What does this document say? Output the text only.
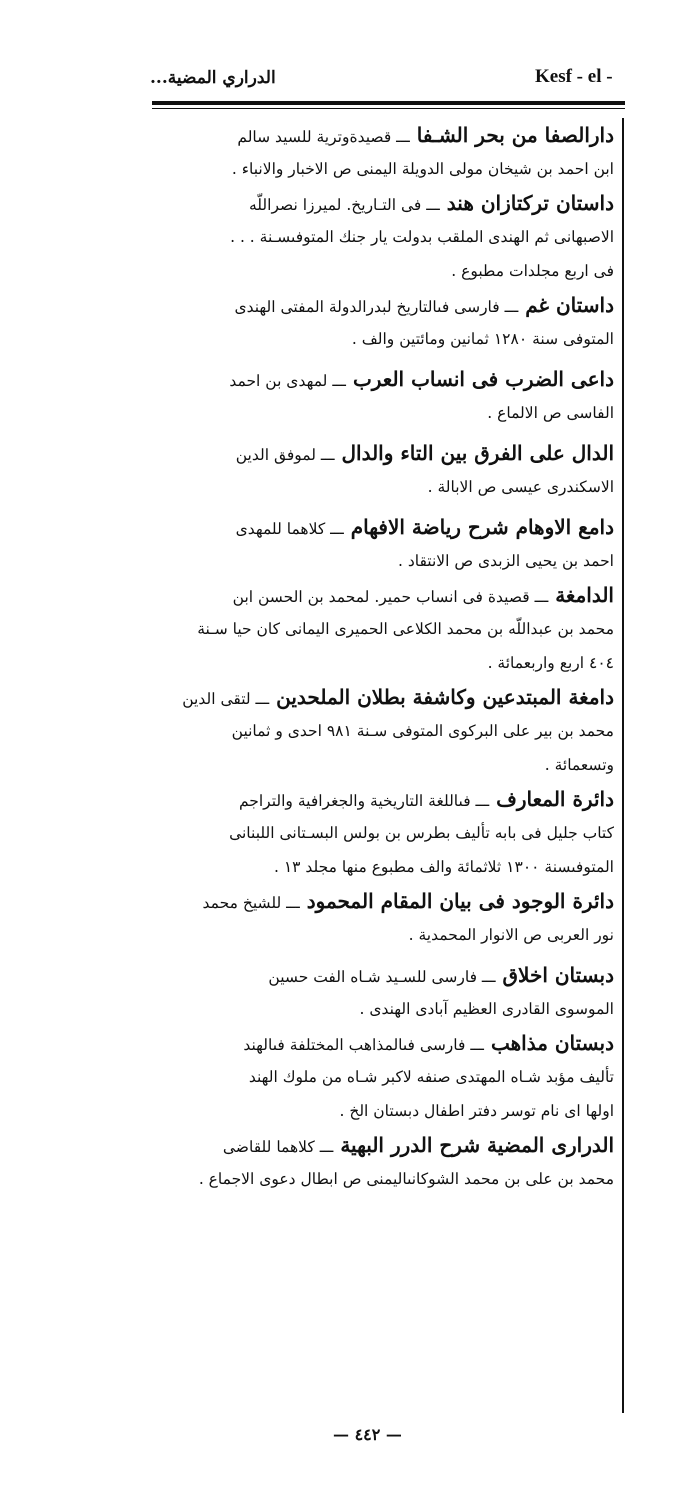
الدراري المضية...	Kesf - el -
دارالصفا من بحر الشـفا ـــ قصيدةوترية للسيد سالم
ابن احمد بن شيخان مولى الدويلة اليمنى ص الاخبار والانباء .
داستان تركتازان هند ـــ فى التـاريخ. لميرزا نصراللّه
الاصبهانى ثم الهندى الملقب بدولت يار جنك المتوفىسـنة . . .
فى اربع مجلدات مطبوع .
داستان غم ـــ فارسى فىالتاريخ لبدرالدولة المفتى الهندى
المتوفى سنة ١٢٨٠ ثمانين ومائتين والف .
داعى الضرب فى انساب العرب ـــ لمهدى بن احمد
الفاسى ص الالماع .
الدال على الفرق بين التاء والدال ـــ لموفق الدين
الاسكندرى عيسى ص الابالة .
دامع الاوهام شرح رياضة الافهام ـــ كلاهما للمهدى
احمد بن يحيى الزبدى ص الانتقاد .
الدامغة ـــ قصيدة فى انساب حمير. لمحمد بن الحسن ابن
محمد بن عبداللّه بن محمد الكلاعى الحميرى اليمانى كان حيا سـنة
٤٠٤ اربع واربعمائة .
دامغة المبتدعين وكاشفة بطلان الملحدين ـــ لتقى الدين
محمد بن بير على البركوى المتوفى سـنة ٩٨١ احدى و ثمانين
وتسعمائة .
دائرة المعارف ـــ فىاللغة التاريخية والجغرافية والتراجم
كتاب جليل فى بابه تأليف بطرس بن بولس البسـتانى اللبنانى
المتوفىسنة ١٣٠٠ ثلاثمائة والف مطبوع منها مجلد ١٣ .
دائرة الوجود فى بيان المقام المحمود ـــ للشيخ محمد
نور العربى ص الانوار المحمدية .
دبستان اخلاق ـــ فارسى للسـيد شـاه الفت حسين
الموسوى القادرى العظيم آبادى الهندى .
دبستان مذاهب ـــ فارسى فىالمذاهب المختلفة فىالهند
تأليف مؤبد شـاه المهتدى صنفه لاكبر شـاه من ملوك الهند
اولها اى نام توسر دفتر اطفال دبستان الخ .
الدرارى المضية شرح الدرر البهية ـــ كلاهما للقاضى
محمد بن على بن محمد الشوكانىاليمنى ص ابطال دعوى الاجماع .
— ٤٤٢ —
